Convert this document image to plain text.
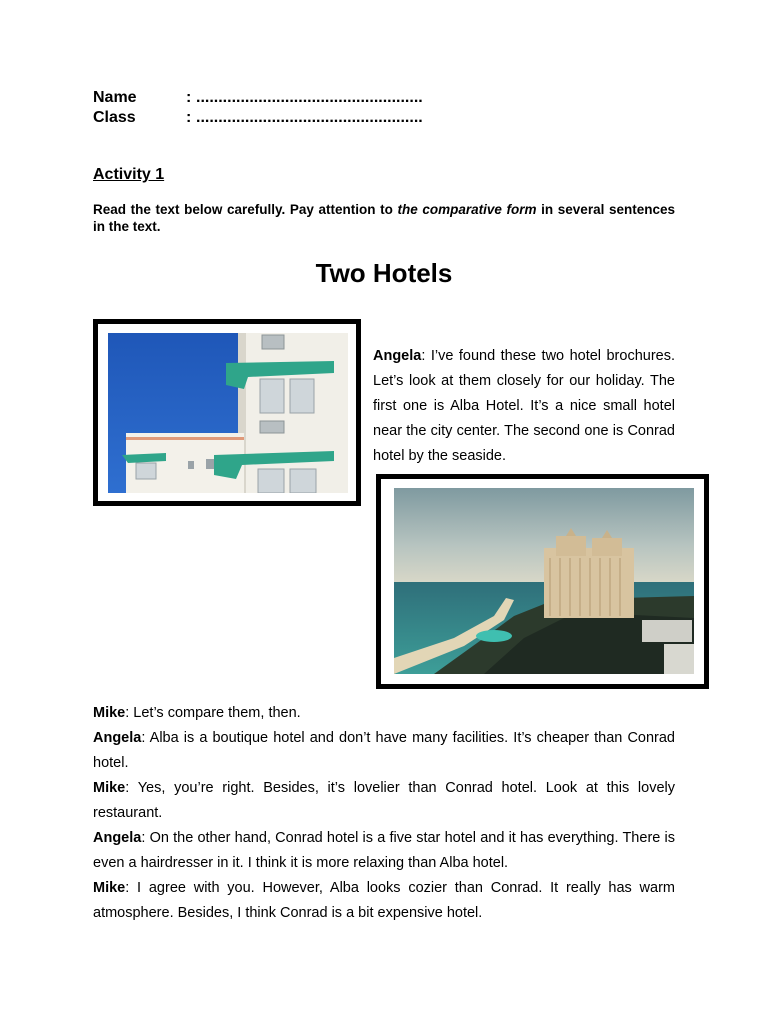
Name	: ...................................................
Class	: ...................................................
Activity 1
Read the text below carefully. Pay attention to the comparative form in several sentences in the text.
Two Hotels
Angela: I’ve found these two hotel brochures. Let’s look at them closely for our holiday. The first one is Alba Hotel. It’s a nice small hotel near the city center. The second one is Conrad hotel by the seaside.

Mike: Let’s compare them, then.

Angela: Alba is a boutique hotel and don’t have many facilities. It’s cheaper than Conrad hotel.

Mike: Yes, you’re right. Besides, it’s lovelier than Conrad hotel. Look at this lovely restaurant.

Angela: On the other hand, Conrad hotel is a five star hotel and it has everything. There is even a hairdresser in it. I think it is more relaxing than Alba hotel.

Mike: I agree with you. However, Alba looks cozier than Conrad. It really has warm atmosphere. Besides, I think Conrad is a bit expensive hotel.
